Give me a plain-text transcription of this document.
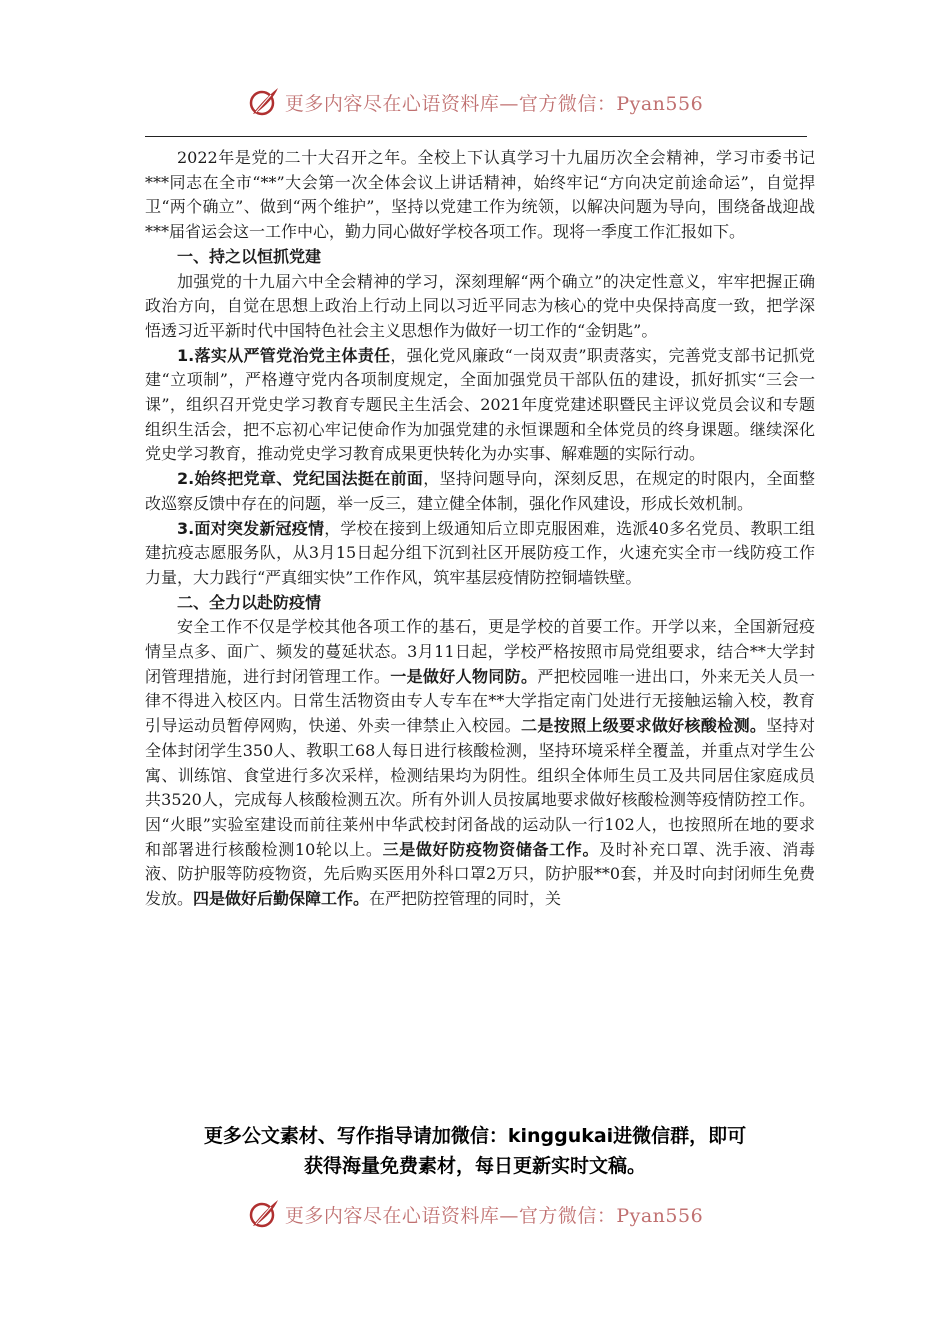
更多内容尽在心语资料库—官方微信：Pyan556

2022年是党的二十大召开之年。全校上下认真学习十九届历次全会精神，学习市委书记***同志在全市“**”大会第一次全体会议上讲话精神，始终牢记“方向决定前途命运”，自觉捍卫“两个确立”、做到“两个维护”，坚持以党建工作为统领，以解决问题为导向，围绕备战迎战***届省运会这一工作中心，勤力同心做好学校各项工作。现将一季度工作汇报如下。

一、持之以恒抓党建

加强党的十九届六中全会精神的学习，深刻理解“两个确立”的决定性意义，牢牢把握正确政治方向，自觉在思想上政治上行动上同以习近平同志为核心的党中央保持高度一致，把学深悟透习近平新时代中国特色社会主义思想作为做好一切工作的“金钥匙”。

1.落实从严管党治党主体责任，强化党风廉政“一岗双责”职责落实，完善党支部书记抓党建“立项制”，严格遵守党内各项制度规定，全面加强党员干部队伍的建设，抓好抓实“三会一课”，组织召开党史学习教育专题民主生活会、2021年度党建述职暨民主评议党员会议和专题组织生活会，把不忘初心牢记使命作为加强党建的永恒课题和全体党员的终身课题。继续深化党史学习教育，推动党史学习教育成果更快转化为办实事、解难题的实际行动。

2.始终把党章、党纪国法挺在前面，坚持问题导向，深刻反思，在规定的时限内，全面整改巡察反馈中存在的问题，举一反三，建立健全体制，强化作风建设，形成长效机制。

3.面对突发新冠疫情，学校在接到上级通知后立即克服困难，选派40多名党员、教职工组建抗疫志愿服务队，从3月15日起分组下沉到社区开展防疫工作，火速充实全市一线防疫工作力量，大力践行“严真细实快”工作作风，筑牢基层疫情防控铜墙铁壁。

二、全力以赴防疫情

安全工作不仅是学校其他各项工作的基石，更是学校的首要工作。开学以来，全国新冠疫情呈点多、面广、频发的蔓延状态。3月11日起，学校严格按照市局党组要求，结合**大学封闭管理措施，进行封闭管理工作。一是做好人物同防。严把校园唯一进出口，外来无关人员一律不得进入校区内。日常生活物资由专人专车在**大学指定南门处进行无接触运输入校，教育引导运动员暂停网购，快递、外卖一律禁止入校园。二是按照上级要求做好核酸检测。坚持对全体封闭学生350人、教职工68人每日进行核酸检测，坚持环境采样全覆盖，并重点对学生公寓、训练馆、食堂进行多次采样，检测结果均为阴性。组织全体师生员工及共同居住家庭成员共3520人，完成每人核酸检测五次。所有外训人员按属地要求做好核酸检测等疫情防控工作。因“火眼”实验室建设而前往莱州中华武校封闭备战的运动队一行102人，也按照所在地的要求和部署进行核酸检测10轮以上。三是做好防疫物资储备工作。及时补充口罩、洗手液、消毒液、防护服等防疫物资，先后购买医用外科口罩2万只，防护服**0套，并及时向封闭师生免费发放。四是做好后勤保障工作。在严把防控管理的同时，关

更多公文素材、写作指导请加微信：kinggukai进微信群，即可
获得海量免费素材，每日更新实时文稿。
更多内容尽在心语资料库—官方微信：Pyan556
